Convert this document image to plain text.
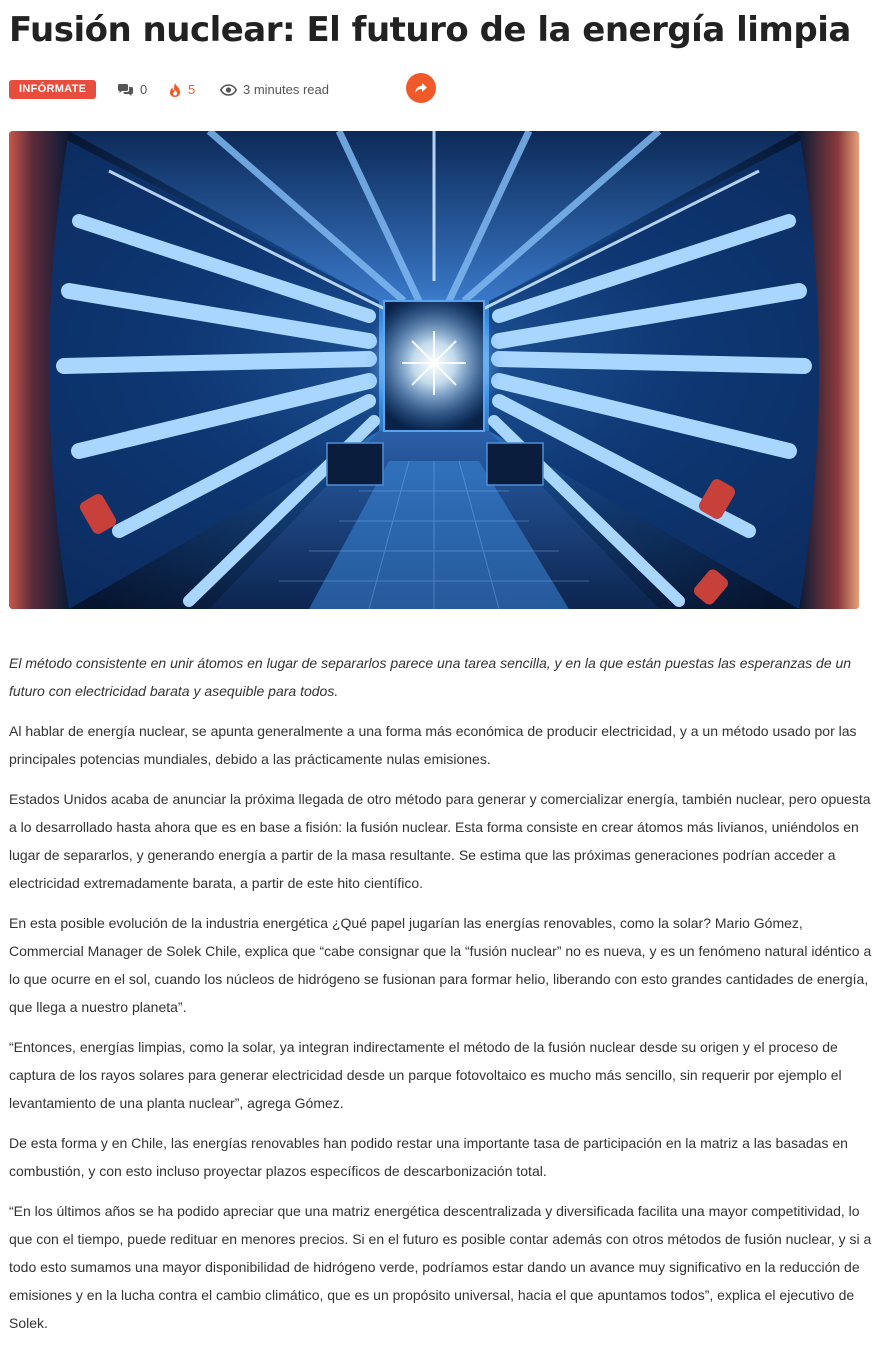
Fusión nuclear: El futuro de la energía limpia
INFÓRMATE	0	5	3 minutes read

El método consistente en unir átomos en lugar de separarlos parece una tarea sencilla, y en la que están puestas las esperanzas de un futuro con electricidad barata y asequible para todos.

Al hablar de energía nuclear, se apunta generalmente a una forma más económica de producir electricidad, y a un método usado por las principales potencias mundiales, debido a las prácticamente nulas emisiones.

Estados Unidos acaba de anunciar la próxima llegada de otro método para generar y comercializar energía, también nuclear, pero opuesta a lo desarrollado hasta ahora que es en base a fisión: la fusión nuclear. Esta forma consiste en crear átomos más livianos, uniéndolos en lugar de separarlos, y generando energía a partir de la masa resultante. Se estima que las próximas generaciones podrían acceder a electricidad extremadamente barata, a partir de este hito científico.

En esta posible evolución de la industria energética ¿Qué papel jugarían las energías renovables, como la solar? Mario Gómez, Commercial Manager de Solek Chile, explica que “cabe consignar que la “fusión nuclear” no es nueva, y es un fenómeno natural idéntico a lo que ocurre en el sol, cuando los núcleos de hidrógeno se fusionan para formar helio, liberando con esto grandes cantidades de energía, que llega a nuestro planeta”.

“Entonces, energías limpias, como la solar, ya integran indirectamente el método de la fusión nuclear desde su origen y el proceso de captura de los rayos solares para generar electricidad desde un parque fotovoltaico es mucho más sencillo, sin requerir por ejemplo el levantamiento de una planta nuclear”, agrega Gómez.

De esta forma y en Chile, las energías renovables han podido restar una importante tasa de participación en la matriz a las basadas en combustión, y con esto incluso proyectar plazos específicos de descarbonización total.

“En los últimos años se ha podido apreciar que una matriz energética descentralizada y diversificada facilita una mayor competitividad, lo que con el tiempo, puede redituar en menores precios. Si en el futuro es posible contar además con otros métodos de fusión nuclear, y si a todo esto sumamos una mayor disponibilidad de hidrógeno verde, podríamos estar dando un avance muy significativo en la reducción de emisiones y en la lucha contra el cambio climático, que es un propósito universal, hacia el que apuntamos todos”, explica el ejecutivo de Solek.
